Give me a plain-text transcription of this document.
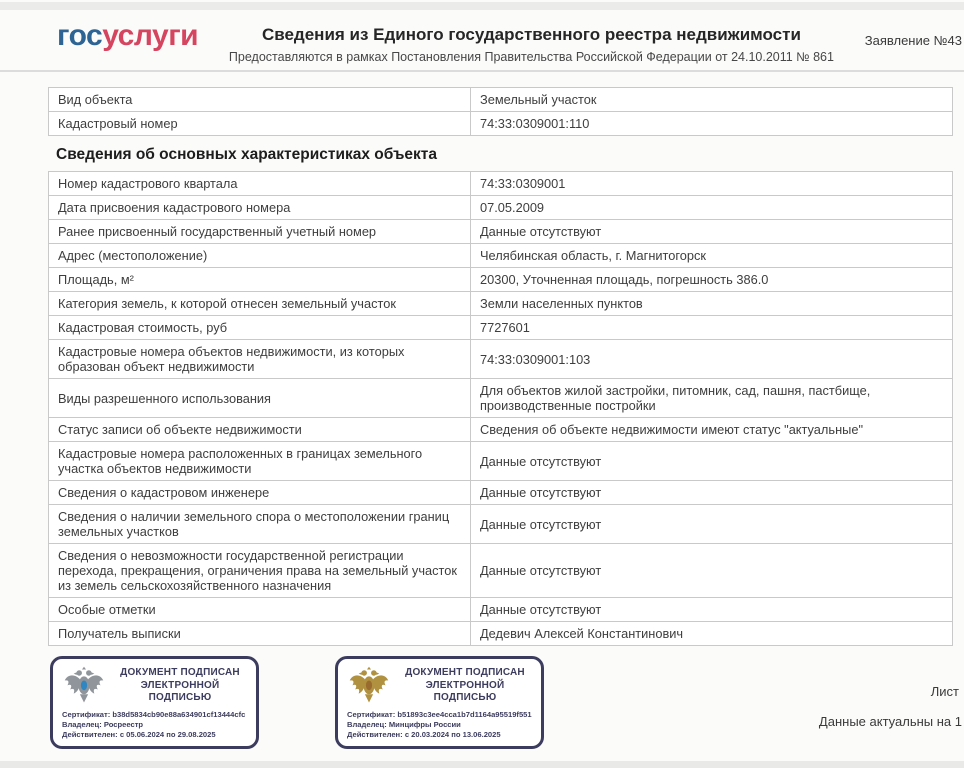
госуслуги	Сведения из Единого государственного реестра недвижимости
Предоставляются в рамках Постановления Правительства Российской Федерации от 24.10.2011 № 861
Заявление №43
Вид объекта	Земельный участок
Кадастровый номер	74:33:0309001:110
Сведения об основных характеристиках объекта
Номер кадастрового квартала	74:33:0309001
Дата присвоения кадастрового номера	07.05.2009
Ранее присвоенный государственный учетный номер	Данные отсутствуют
Адрес (местоположение)	Челябинская область, г. Магнитогорск
Площадь, м²	20300, Уточненная площадь, погрешность 386.0
Категория земель, к которой отнесен земельный участок	Земли населенных пунктов
Кадастровая стоимость, руб	7727601
Кадастровые номера объектов недвижимости, из которых образован объект недвижимости	74:33:0309001:103
Виды разрешенного использования	Для объектов жилой застройки, питомник, сад, пашня, пастбище, производственные постройки
Статус записи об объекте недвижимости	Сведения об объекте недвижимости имеют статус "актуальные"
Кадастровые номера расположенных в границах земельного участка объектов недвижимости	Данные отсутствуют
Сведения о кадастровом инженере	Данные отсутствуют
Сведения о наличии земельного спора о местоположении границ земельных участков	Данные отсутствуют
Сведения о невозможности государственной регистрации перехода, прекращения, ограничения права на земельный участок из земель сельскохозяйственного назначения	Данные отсутствуют
Особые отметки	Данные отсутствуют
Получатель выписки	Дедевич Алексей Константинович
ДОКУМЕНТ ПОДПИСАН ЭЛЕКТРОННОЙ ПОДПИСЬЮ
Сертификат: b38d5834cb90e88a634901cf13444cfc
Владелец: Росреестр
Действителен: с 05.06.2024 по 29.08.2025
ДОКУМЕНТ ПОДПИСАН ЭЛЕКТРОННОЙ ПОДПИСЬЮ
Сертификат: b51893c3ee4cca1b7d1164a95519f551
Владелец: Минцифры России
Действителен: с 20.03.2024 по 13.06.2025
Лист
Данные актуальны на 1
